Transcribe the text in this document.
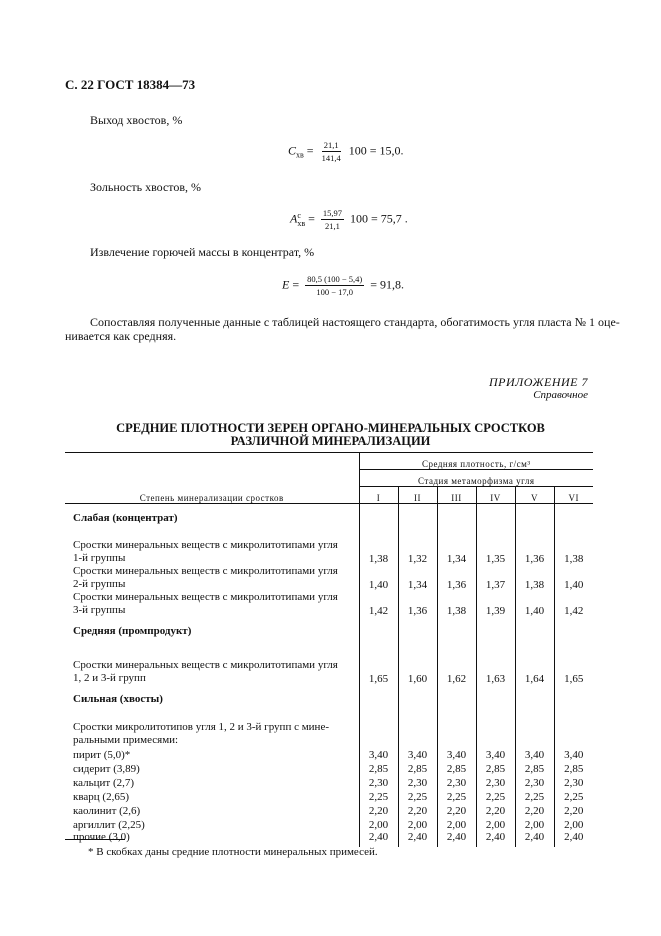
С. 22 ГОСТ 18384—73
Выход хвостов, %
$C_{хв} = \frac{21,1}{141,4} 100 = 15,0$.
Зольность хвостов, %
A c
хв = $\frac{15,97}{21,1} 100 = 75,7$ .
Извлечение горючей массы в концентрат, %
$E = \frac{80,5 (100 - 5,4)}{100 - 17,0} = 91,8$.
Сопоставляя полученные данные с таблицей настоящего стандарта, обогатимость угля пласта № 1 оце-
нивается как средняя.
ПРИЛОЖЕНИЕ 7
Справочное
СРЕДНИЕ ПЛОТНОСТИ ЗЕРЕН ОРГАНО-МИНЕРАЛЬНЫХ СРОСТКОВ
РАЗЛИЧНОЙ МИНЕРАЛИЗАЦИИ
Степень минерализации сростков	Средняя плотность, г/см³					
	Стадия метаморфизма угля					
	I	II	III	IV	V	VI
Слабая (концентрат)						

Сростки минеральных веществ с микролитотипами угля
1-й группы	1,38	1,32	1,34	1,35	1,36	1,38

Сростки минеральных веществ с микролитотипами угля
2-й группы	1,40	1,34	1,36	1,37	1,38	1,40

Сростки минеральных веществ с микролитотипами угля
3-й группы	1,42	1,36	1,38	1,39	1,40	1,42
Средняя (промпродукт)						

Сростки минеральных веществ с микролитотипами угля
1, 2 и 3-й групп	1,65	1,60	1,62	1,63	1,64	1,65
Сильная (хвосты)						

Сростки микролитотипов угля 1, 2 и 3-й групп с мине-
ральными примесями:						

пирит (5,0)*	3,40	3,40	3,40	3,40	3,40	3,40
сидерит (3,89)	2,85	2,85	2,85	2,85	2,85	2,85
кальцит (2,7)	2,30	2,30	2,30	2,30	2,30	2,30
кварц (2,65)	2,25	2,25	2,25	2,25	2,25	2,25
каолинит (2,6)	2,20	2,20	2,20	2,20	2,20	2,20
аргиллит (2,25)	2,00	2,00	2,00	2,00	2,00	2,00
прочие (3,0)	2,40	2,40	2,40	2,40	2,40	2,40
* В скобках даны средние плотности минеральных примесей.
